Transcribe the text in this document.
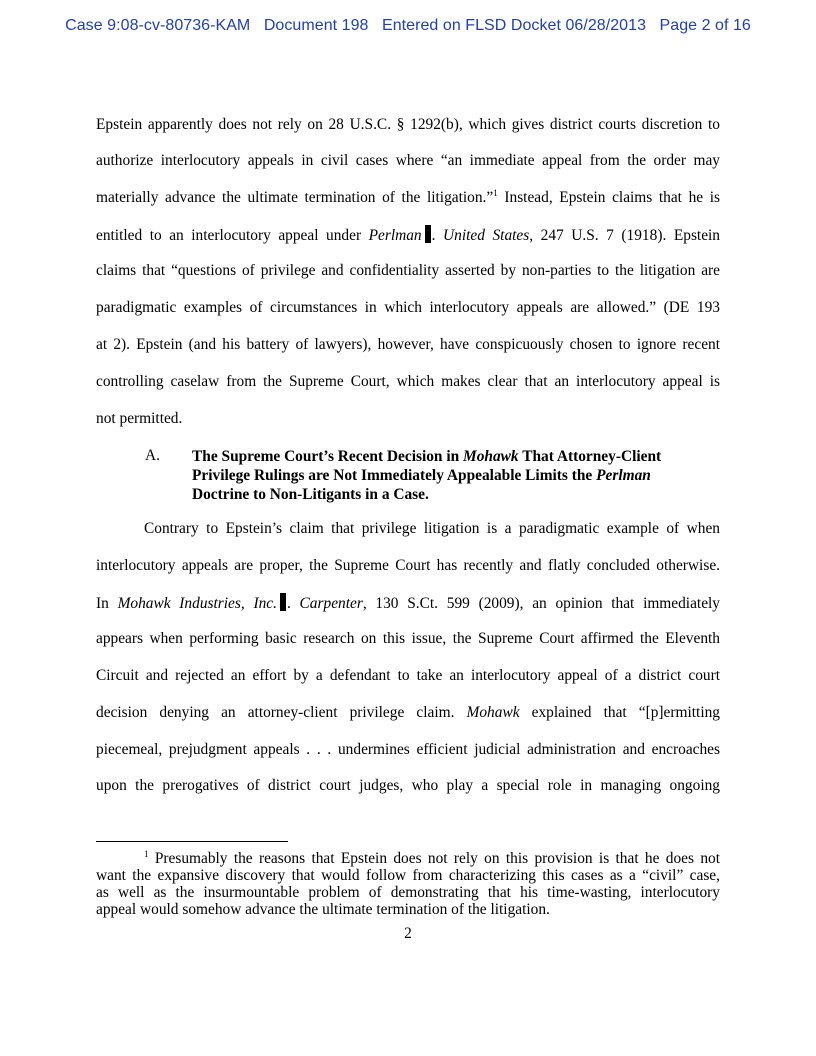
Case 9:08-cv-80736-KAM Document 198 Entered on FLSD Docket 06/28/2013 Page 2 of 16
Epstein apparently does not rely on 28 U.S.C. § 1292(b), which gives district courts discretion to
authorize interlocutory appeals in civil cases where “an immediate appeal from the order may
materially advance the ultimate termination of the litigation.”$^1$ Instead, Epstein claims that he is
entitled to an interlocutory appeal under Perlman . United States, 247 U.S. 7 (1918). Epstein
claims that “questions of privilege and confidentiality asserted by non-parties to the litigation are
paradigmatic examples of circumstances in which interlocutory appeals are allowed.” (DE 193
at 2). Epstein (and his battery of lawyers), however, have conspicuously chosen to ignore recent
controlling caselaw from the Supreme Court, which makes clear that an interlocutory appeal is
not permitted.
A. The Supreme Court’s Recent Decision in Mohawk That Attorney-Client Privilege Rulings are Not Immediately Appealable Limits the Perlman Doctrine to Non-Litigants in a Case.
Contrary to Epstein’s claim that privilege litigation is a paradigmatic example of when
interlocutory appeals are proper, the Supreme Court has recently and flatly concluded otherwise.
In Mohawk Industries, Inc. . Carpenter, 130 S.Ct. 599 (2009), an opinion that immediately
appears when performing basic research on this issue, the Supreme Court affirmed the Eleventh
Circuit and rejected an effort by a defendant to take an interlocutory appeal of a district court
decision denying an attorney-client privilege claim. Mohawk explained that “[p]ermitting
piecemeal, prejudgment appeals . . . undermines efficient judicial administration and encroaches
upon the prerogatives of district court judges, who play a special role in managing ongoing
$^1$ Presumably the reasons that Epstein does not rely on this provision is that he does not
want the expansive discovery that would follow from characterizing this cases as a “civil” case,
as well as the insurmountable problem of demonstrating that his time-wasting, interlocutory
appeal would somehow advance the ultimate termination of the litigation.
2
